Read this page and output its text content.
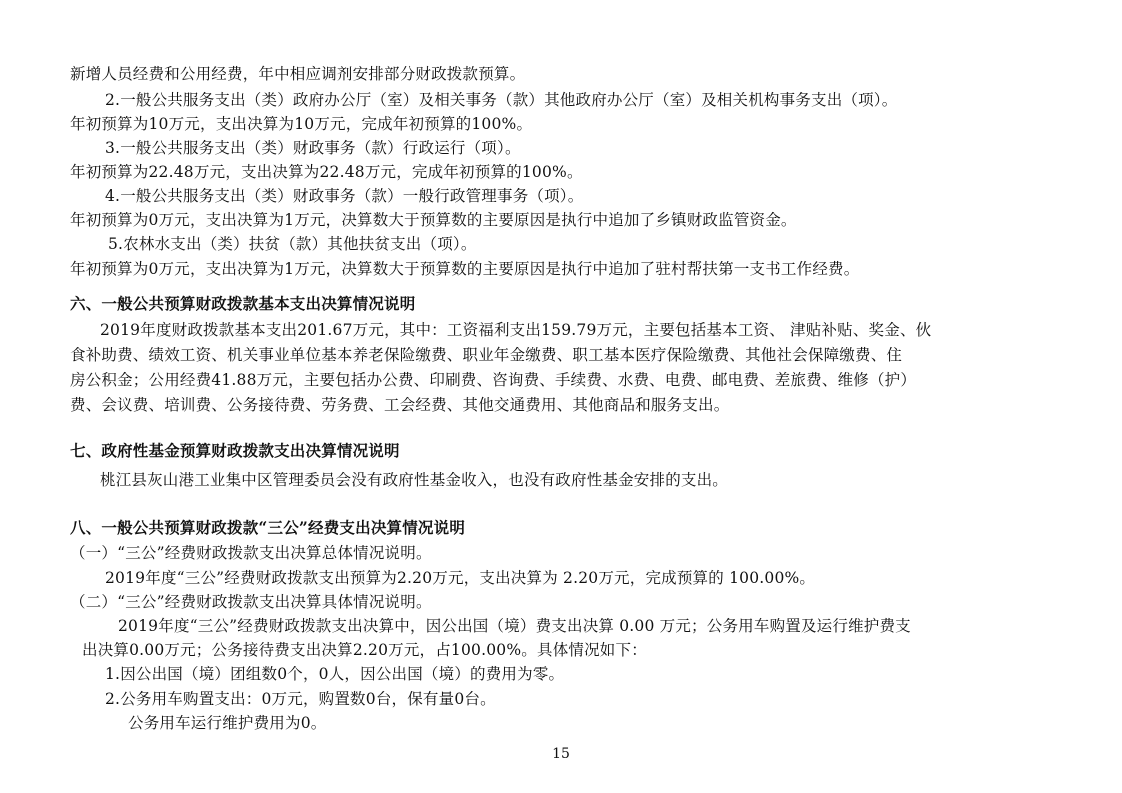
新增人员经费和公用经费，年中相应调剂安排部分财政拨款预算。
2.一般公共服务支出（类）政府办公厅（室）及相关事务（款）其他政府办公厅（室）及相关机构事务支出（项）。
年初预算为10万元，支出决算为10万元，完成年初预算的100%。
3.一般公共服务支出（类）财政事务（款）行政运行（项）。
年初预算为22.48万元，支出决算为22.48万元，完成年初预算的100%。
4.一般公共服务支出（类）财政事务（款）一般行政管理事务（项）。
年初预算为0万元，支出决算为1万元，决算数大于预算数的主要原因是执行中追加了乡镇财政监管资金。
5.农林水支出（类）扶贫（款）其他扶贫支出（项）。
年初预算为0万元，支出决算为1万元，决算数大于预算数的主要原因是执行中追加了驻村帮扶第一支书工作经费。
六、一般公共预算财政拨款基本支出决算情况说明
2019年度财政拨款基本支出201.67万元，其中：工资福利支出159.79万元，主要包括基本工资、 津贴补贴、奖金、伙
食补助费、绩效工资、机关事业单位基本养老保险缴费、职业年金缴费、职工基本医疗保险缴费、其他社会保障缴费、住
房公积金；公用经费41.88万元，主要包括办公费、印刷费、咨询费、手续费、水费、电费、邮电费、差旅费、维修（护）
费、会议费、培训费、公务接待费、劳务费、工会经费、其他交通费用、其他商品和服务支出。
七、政府性基金预算财政拨款支出决算情况说明
桃江县灰山港工业集中区管理委员会没有政府性基金收入，也没有政府性基金安排的支出。
八、一般公共预算财政拨款“三公”经费支出决算情况说明
（一）“三公”经费财政拨款支出决算总体情况说明。
2019年度“三公”经费财政拨款支出预算为2.20万元，支出决算为 2.20万元，完成预算的 100.00%。
（二）“三公”经费财政拨款支出决算具体情况说明。
2019年度“三公”经费财政拨款支出决算中，因公出国（境）费支出决算 0.00 万元；公务用车购置及运行维护费支
出决算0.00万元；公务接待费支出决算2.20万元，占100.00%。具体情况如下：
1.因公出国（境）团组数0个，0人，因公出国（境）的费用为零。
2.公务用车购置支出：0万元，购置数0台，保有量0台。
公务用车运行维护费用为0。
15
